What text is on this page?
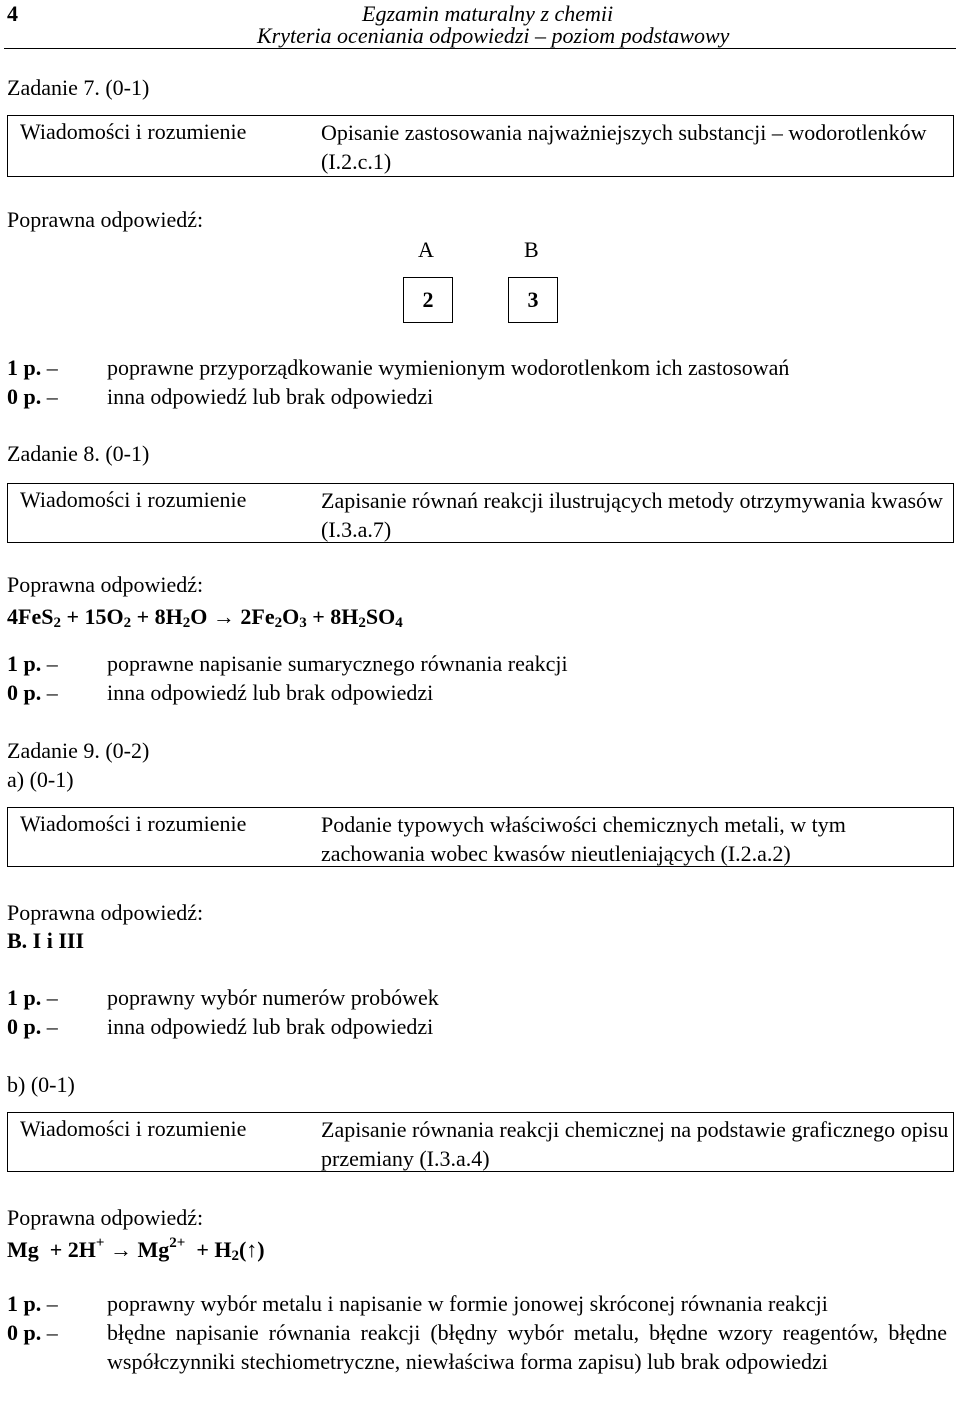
4	Egzamin maturalny z chemii
Kryteria oceniania odpowiedzi – poziom podstawowy
Zadanie 7. (0-1)
Wiadomości i rozumienie	Opisanie zastosowania najważniejszych substancji – wodorotlenków (I.2.c.1)
Poprawna odpowiedź:
A	B
2	3
1 p. – poprawne przyporządkowanie wymienionym wodorotlenkom ich zastosowań
0 p. – inna odpowiedź lub brak odpowiedzi
Zadanie 8. (0-1)
Wiadomości i rozumienie	Zapisanie równań reakcji ilustrujących metody otrzymywania kwasów (I.3.a.7)
Poprawna odpowiedź:
$4FeS_2 + 15O_2 + 8H_2O \to 2Fe_2O_3 + 8H_2SO_4$
1 p. – poprawne napisanie sumarycznego równania reakcji
0 p. – inna odpowiedź lub brak odpowiedzi
Zadanie 9. (0-2)
a) (0-1)
Wiadomości i rozumienie	Podanie typowych właściwości chemicznych metali, w tym zachowania wobec kwasów nieutleniających (I.2.a.2)
Poprawna odpowiedź:
B. I i III
1 p. – poprawny wybór numerów probówek
0 p. – inna odpowiedź lub brak odpowiedzi
b) (0-1)
Wiadomości i rozumienie	Zapisanie równania reakcji chemicznej na podstawie graficznego opisu przemiany (I.3.a.4)
Poprawna odpowiedź:
$Mg + 2H^+ \to Mg^{2+}$  + $H_2(↑)$
1 p. – poprawny wybór metalu i napisanie w formie jonowej skróconej równania reakcji
0 p. –	błędne napisanie równania reakcji (błędny wybór metalu, błędne wzory reagentów, błędne współczynniki stechiometryczne, niewłaściwa forma zapisu) lub brak odpowiedzi
